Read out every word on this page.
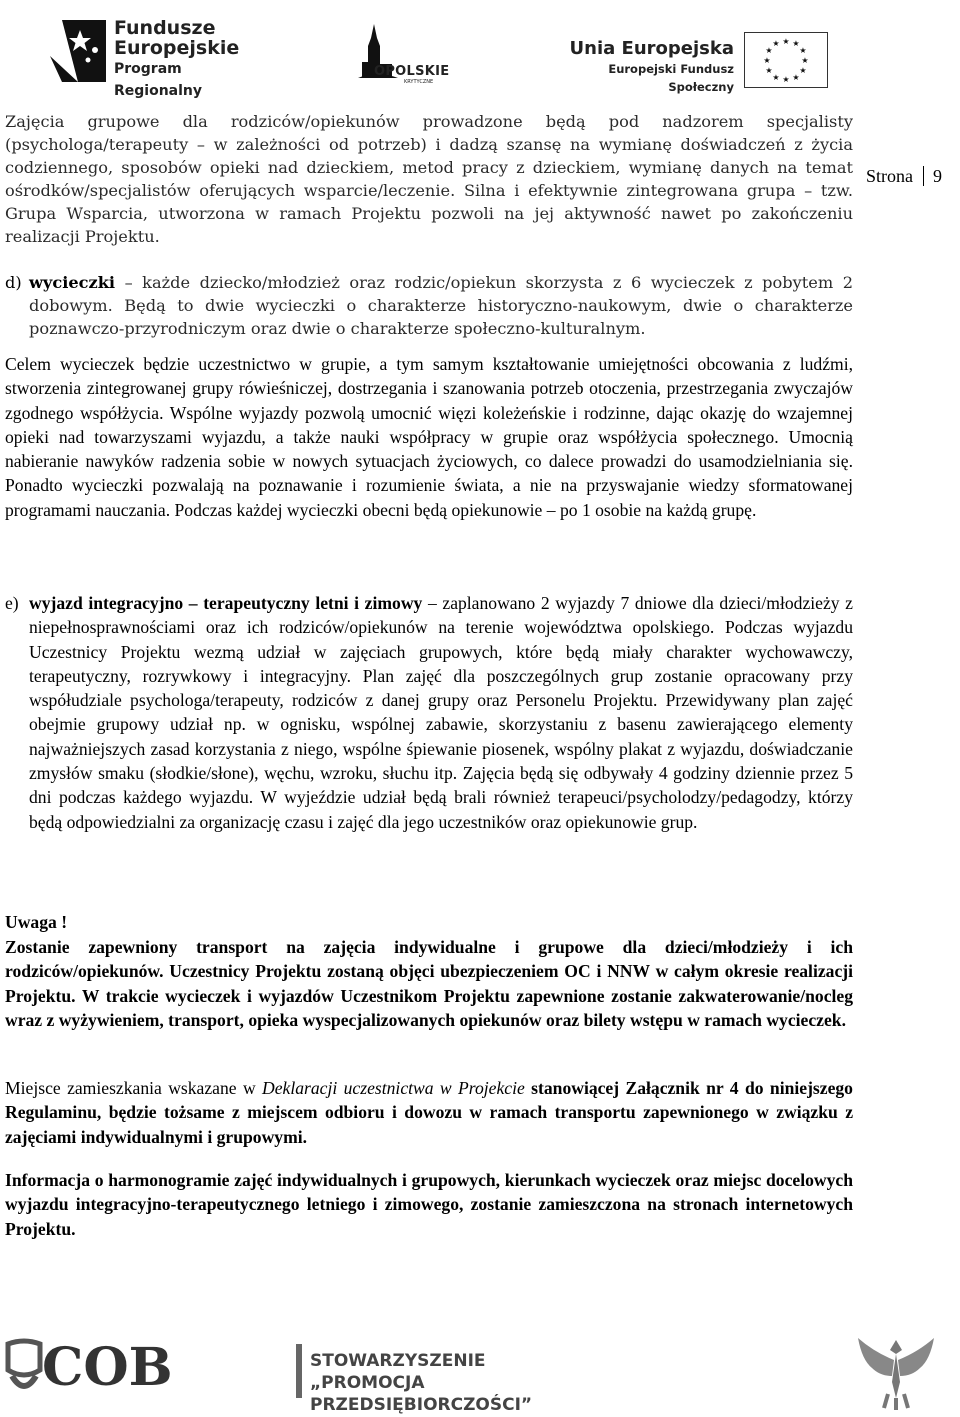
Fundusze
Europejskie
Program Regionalny
OPOLSKIE
KRYTYCZNE
Unia Europejska
Europejski Fundusz Społeczny
★ ★
★
★
★
★
★
★
★
★
★
★
Strona 9

Zajęcia grupowe dla rodziców/opiekunów prowadzone będą pod nadzorem specjalisty (psychologa/terapeuty – w zależności od potrzeb) i dadzą szansę na wymianę doświadczeń z życia codziennego, sposobów opieki nad dzieckiem, metod pracy z dzieckiem, wymianę danych na temat ośrodków/specjalistów oferujących wsparcie/leczenie. Silna i efektywnie zintegrowana grupa – tzw. Grupa Wsparcia, utworzona w ramach Projektu pozwoli na jej aktywność nawet po zakończeniu realizacji Projektu.

d) wycieczki – każde dziecko/młodzież oraz rodzic/opiekun skorzysta z 6 wycieczek z pobytem 2 dobowym. Będą to dwie wycieczki o charakterze historyczno-naukowym, dwie o charakterze poznawczo-przyrodniczym oraz dwie o charakterze społeczno-kulturalnym.

Celem wycieczek będzie uczestnictwo w grupie, a tym samym kształtowanie umiejętności obcowania z ludźmi, stworzenia zintegrowanej grupy rówieśniczej, dostrzegania i szanowania potrzeb otoczenia, przestrzegania zwyczajów zgodnego współżycia. Wspólne wyjazdy pozwolą umocnić więzi koleżeńskie i rodzinne, dając okazję do wzajemnej opieki nad towarzyszami wyjazdu, a także nauki współpracy w grupie oraz współżycia społecznego. Umocnią nabieranie nawyków radzenia sobie w nowych sytuacjach życiowych, co dalece prowadzi do usamodzielniania się. Ponadto wycieczki pozwalają na poznawanie i rozumienie świata, a nie na przyswajanie wiedzy sformatowanej programami nauczania. Podczas każdej wycieczki obecni będą opiekunowie – po 1 osobie na każdą grupę.

e) wyjazd integracyjno – terapeutyczny letni i zimowy – zaplanowano 2 wyjazdy 7 dniowe dla dzieci/młodzieży z niepełnosprawnościami oraz ich rodziców/opiekunów na terenie województwa opolskiego. Podczas wyjazdu Uczestnicy Projektu wezmą udział w zajęciach grupowych, które będą miały charakter wychowawczy, terapeutyczny, rozrywkowy i integracyjny. Plan zajęć dla poszczególnych grup zostanie opracowany przy współudziale psychologa/terapeuty, rodziców z danej grupy oraz Personelu Projektu. Przewidywany plan zajęć obejmie grupowy udział np. w ognisku, wspólnej zabawie, skorzystaniu z basenu zawierającego elementy najważniejszych zasad korzystania z niego, wspólne śpiewanie piosenek, wspólny plakat z wyjazdu, doświadczanie zmysłów smaku (słodkie/słone), węchu, wzroku, słuchu itp. Zajęcia będą się odbywały 4 godziny dziennie przez 5 dni podczas każdego wyjazdu. W wyjeździe udział będą brali również terapeuci/psycholodzy/pedagodzy, którzy będą odpowiedzialni za organizację czasu i zajęć dla jego uczestników oraz opiekunowie grup.

Uwaga !

Zostanie zapewniony transport na zajęcia indywidualne i grupowe dla dzieci/młodzieży i ich rodziców/opiekunów. Uczestnicy Projektu zostaną objęci ubezpieczeniem OC i NNW w całym okresie realizacji Projektu. W trakcie wycieczek i wyjazdów Uczestnikom Projektu zapewnione zostanie zakwaterowanie/nocleg wraz z wyżywieniem, transport, opieka wyspecjalizowanych opiekunów oraz bilety wstępu w ramach wycieczek.

Miejsce zamieszkania wskazane w Deklaracji uczestnictwa w Projekcie stanowiącej Załącznik nr 4 do niniejszego Regulaminu, będzie tożsame z miejscem odbioru i dowozu w ramach transportu zapewnionego w związku z zajęciami indywidualnymi i grupowymi.

Informacja o harmonogramie zajęć indywidualnych i grupowych, kierunkach wycieczek oraz miejsc docelowych wyjazdu integracyjno-terapeutycznego letniego i zimowego, zostanie zamieszczona na stronach internetowych Projektu.

COB	STOWARZYSZENIE
„PROMOCJA PRZEDSIĘBIORCZOŚCI”
